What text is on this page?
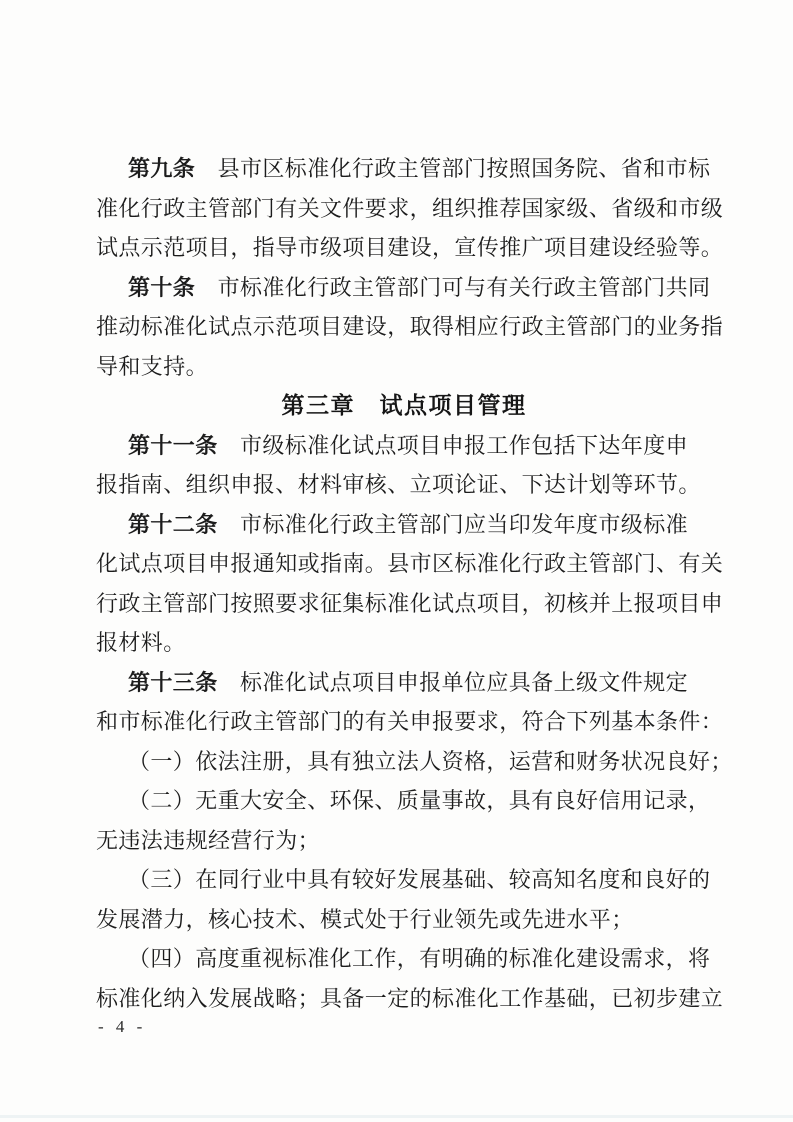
第九条　县市区标准化行政主管部门按照国务院、省和市标
准化行政主管部门有关文件要求，组织推荐国家级、省级和市级
试点示范项目，指导市级项目建设，宣传推广项目建设经验等。
第十条　市标准化行政主管部门可与有关行政主管部门共同
推动标准化试点示范项目建设，取得相应行政主管部门的业务指
导和支持。
第三章　试点项目管理
第十一条　市级标准化试点项目申报工作包括下达年度申
报指南、组织申报、材料审核、立项论证、下达计划等环节。
第十二条　市标准化行政主管部门应当印发年度市级标准
化试点项目申报通知或指南。县市区标准化行政主管部门、有关
行政主管部门按照要求征集标准化试点项目，初核并上报项目申
报材料。
第十三条　标准化试点项目申报单位应具备上级文件规定
和市标准化行政主管部门的有关申报要求，符合下列基本条件：
（一）依法注册，具有独立法人资格，运营和财务状况良好；
（二）无重大安全、环保、质量事故，具有良好信用记录，
无违法违规经营行为；
（三）在同行业中具有较好发展基础、较高知名度和良好的
发展潜力，核心技术、模式处于行业领先或先进水平；
（四）高度重视标准化工作，有明确的标准化建设需求，将
标准化纳入发展战略；具备一定的标准化工作基础，已初步建立
- 4 -
